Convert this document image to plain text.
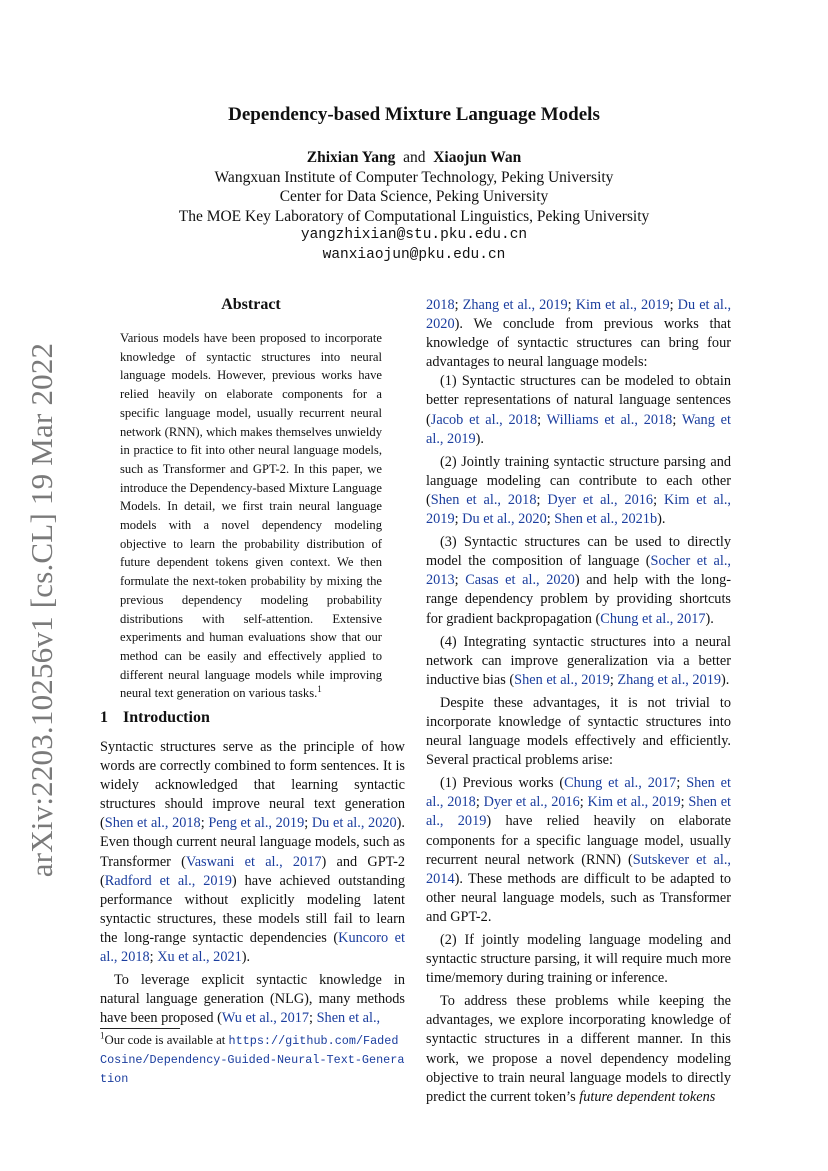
arXiv:2203.10256v1 [cs.CL] 19 Mar 2022
Dependency-based Mixture Language Models
Zhixian Yang and Xiaojun Wan
Wangxuan Institute of Computer Technology, Peking University
Center for Data Science, Peking University
The MOE Key Laboratory of Computational Linguistics, Peking University
yangzhixian@stu.pku.edu.cn
wanxiaojun@pku.edu.cn
Abstract
Various models have been proposed to incorporate knowledge of syntactic structures into neural language models. However, previous works have relied heavily on elaborate components for a specific language model, usually recurrent neural network (RNN), which makes themselves unwieldy in practice to fit into other neural language models, such as Transformer and GPT-2. In this paper, we introduce the Dependency-based Mixture Language Models. In detail, we first train neural language models with a novel dependency modeling objective to learn the probability distribution of future dependent tokens given context. We then formulate the next-token probability by mixing the previous dependency modeling probability distributions with self-attention. Extensive experiments and human evaluations show that our method can be easily and effectively applied to different neural language models while improving neural text generation on various tasks.$^1$
1 Introduction

Syntactic structures serve as the principle of how words are correctly combined to form sentences. It is widely acknowledged that learning syntactic structures should improve neural text generation (Shen et al., 2018; Peng et al., 2019; Du et al., 2020). Even though current neural language models, such as Transformer (Vaswani et al., 2017) and GPT-2 (Radford et al., 2019) have achieved outstanding performance without explicitly modeling latent syntactic structures, these models still fail to learn the long-range syntactic dependencies (Kuncoro et al., 2018; Xu et al., 2021).

To leverage explicit syntactic knowledge in natural language generation (NLG), many methods have been proposed (Wu et al., 2017; Shen et al.,

$^1$Our code is available at https://github.com/FadedCosine/Dependency-Guided-Neural-Text-Generation

2018; Zhang et al., 2019; Kim et al., 2019; Du et al., 2020). We conclude from previous works that knowledge of syntactic structures can bring four advantages to neural language models:

(1) Syntactic structures can be modeled to obtain better representations of natural language sentences (Jacob et al., 2018; Williams et al., 2018; Wang et al., 2019).

(2) Jointly training syntactic structure parsing and language modeling can contribute to each other (Shen et al., 2018; Dyer et al., 2016; Kim et al., 2019; Du et al., 2020; Shen et al., 2021b).

(3) Syntactic structures can be used to directly model the composition of language (Socher et al., 2013; Casas et al., 2020) and help with the long-range dependency problem by providing shortcuts for gradient backpropagation (Chung et al., 2017).

(4) Integrating syntactic structures into a neural network can improve generalization via a better inductive bias (Shen et al., 2019; Zhang et al., 2019).

Despite these advantages, it is not trivial to incorporate knowledge of syntactic structures into neural language models effectively and efficiently. Several practical problems arise:

(1) Previous works (Chung et al., 2017; Shen et al., 2018; Dyer et al., 2016; Kim et al., 2019; Shen et al., 2019) have relied heavily on elaborate components for a specific language model, usually recurrent neural network (RNN) (Sutskever et al., 2014). These methods are difficult to be adapted to other neural language models, such as Transformer and GPT-2.

(2) If jointly modeling language modeling and syntactic structure parsing, it will require much more time/memory during training or inference.

To address these problems while keeping the advantages, we explore incorporating knowledge of syntactic structures in a different manner. In this work, we propose a novel dependency modeling objective to train neural language models to directly predict the current token’s future dependent tokens
